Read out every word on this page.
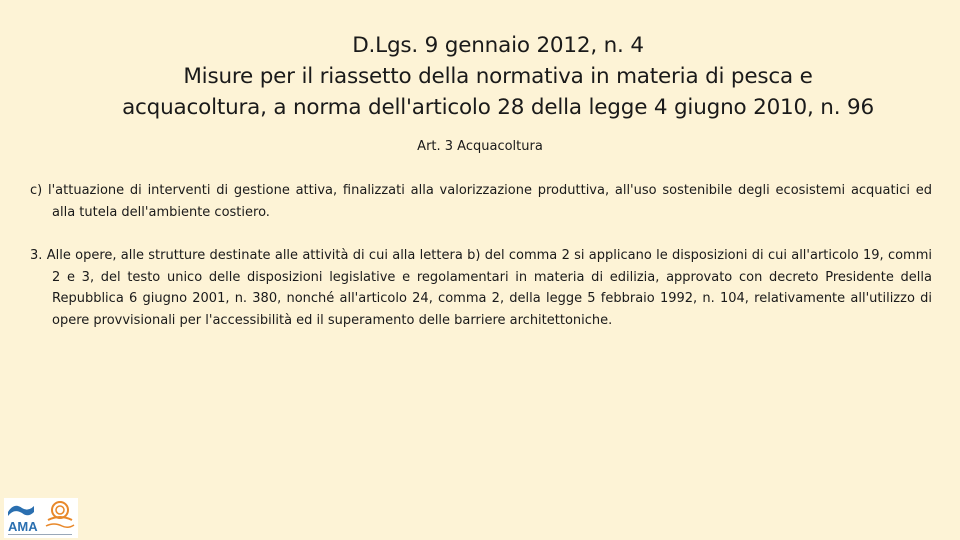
D.Lgs. 9 gennaio 2012, n. 4
Misure per il riassetto della normativa in materia di pesca e
acquacoltura, a norma dell'articolo 28 della legge 4 giugno 2010, n. 96
Art. 3 Acquacoltura

c) l'attuazione di interventi di gestione attiva, finalizzati alla valorizzazione produttiva, all'uso sostenibile degli ecosistemi acquatici ed alla tutela dell'ambiente costiero.

3. Alle opere, alle strutture destinate alle attività di cui alla lettera b) del comma 2 si applicano le disposizioni di cui all'articolo 19, commi 2 e 3, del testo unico delle disposizioni legislative e regolamentari in materia di edilizia, approvato con decreto Presidente della Repubblica 6 giugno 2001, n. 380, nonché all'articolo 24, comma 2, della legge 5 febbraio 1992, n. 104, relativamente all'utilizzo di opere provvisionali per l'accessibilità ed il superamento delle barriere architettoniche.

AMA
